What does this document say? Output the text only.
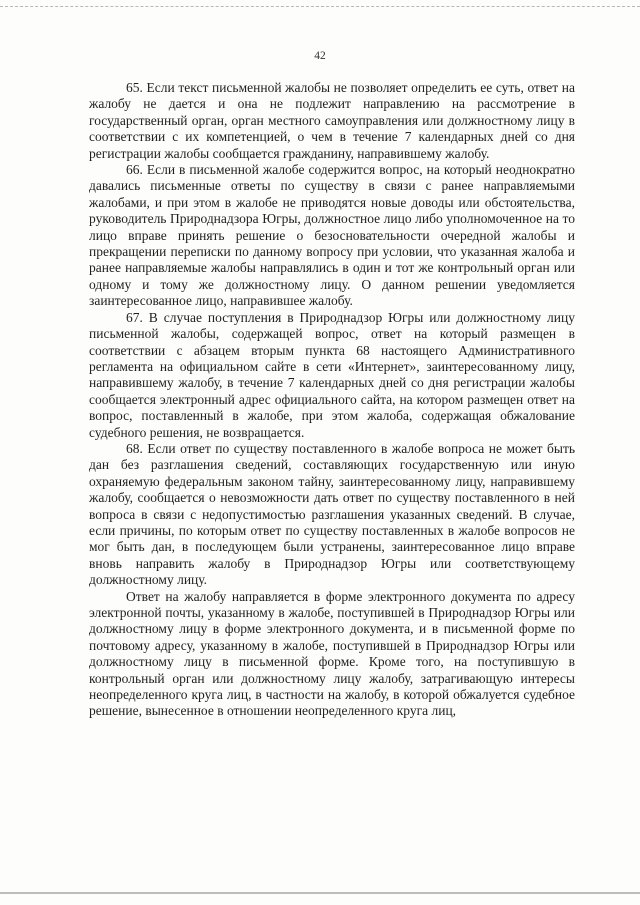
42

65. Если текст письменной жалобы не позволяет определить ее суть, ответ на жалобу не дается и она не подлежит направлению на рассмотрение в государственный орган, орган местного самоуправления или должностному лицу в соответствии с их компетенцией, о чем в течение 7 календарных дней со дня регистрации жалобы сообщается гражданину, направившему жалобу.

66. Если в письменной жалобе содержится вопрос, на который неоднократно давались письменные ответы по существу в связи с ранее направляемыми жалобами, и при этом в жалобе не приводятся новые доводы или обстоятельства, руководитель Природнадзора Югры, должностное лицо либо уполномоченное на то лицо вправе принять решение о безосновательности очередной жалобы и прекращении переписки по данному вопросу при условии, что указанная жалоба и ранее направляемые жалобы направлялись в один и тот же контрольный орган или одному и тому же должностному лицу. О данном решении уведомляется заинтересованное лицо, направившее жалобу.

67. В случае поступления в Природнадзор Югры или должностному лицу письменной жалобы, содержащей вопрос, ответ на который размещен в соответствии с абзацем вторым пункта 68 настоящего Административного регламента на официальном сайте в сети «Интернет», заинтересованному лицу, направившему жалобу, в течение 7 календарных дней со дня регистрации жалобы сообщается электронный адрес официального сайта, на котором размещен ответ на вопрос, поставленный в жалобе, при этом жалоба, содержащая обжалование судебного решения, не возвращается.

68. Если ответ по существу поставленного в жалобе вопроса не может быть дан без разглашения сведений, составляющих государственную или иную охраняемую федеральным законом тайну, заинтересованному лицу, направившему жалобу, сообщается о невозможности дать ответ по существу поставленного в ней вопроса в связи с недопустимостью разглашения указанных сведений. В случае, если причины, по которым ответ по существу поставленных в жалобе вопросов не мог быть дан, в последующем были устранены, заинтересованное лицо вправе вновь направить жалобу в Природнадзор Югры или соответствующему должностному лицу.

Ответ на жалобу направляется в форме электронного документа по адресу электронной почты, указанному в жалобе, поступившей в Природнадзор Югры или должностному лицу в форме электронного документа, и в письменной форме по почтовому адресу, указанному в жалобе, поступившей в Природнадзор Югры или должностному лицу в письменной форме. Кроме того, на поступившую в контрольный орган или должностному лицу жалобу, затрагивающую интересы неопределенного круга лиц, в частности на жалобу, в которой обжалуется судебное решение, вынесенное в отношении неопределенного круга лиц,
